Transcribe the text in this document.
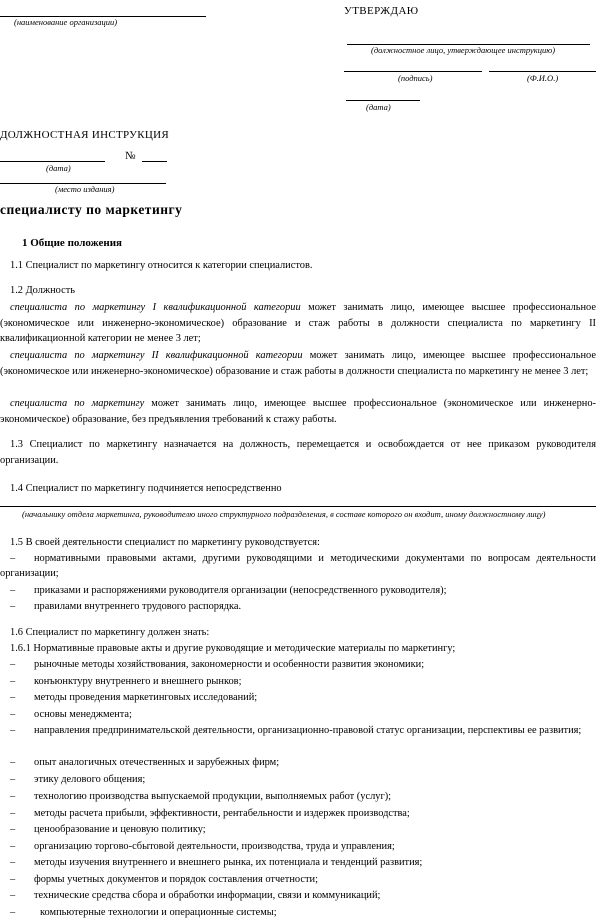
(наименование организации)
УТВЕРЖДАЮ
(должностное лицо, утверждающее инструкцию)
(подпись)	(Ф.И.О.)
(дата)
ДОЛЖНОСТНАЯ ИНСТРУКЦИЯ
№
(дата)
(место издания)
специалисту по маркетингу
1 Общие положения
1.1 Специалист по маркетингу относится к категории специалистов.
1.2 Должность
специалиста по маркетингу I квалификационной категории может занимать лицо, имеющее высшее профессиональное (экономическое или инженерно-экономическое) образование и стаж работы в должности специалиста по маркетингу II квалификационной категории не менее 3 лет;
специалиста по маркетингу II квалификационной категории может занимать лицо, имеющее высшее профессиональное (экономическое или инженерно-экономическое) образование и стаж работы в должности специалиста по маркетингу не менее 3 лет;
специалиста по маркетингу может занимать лицо, имеющее высшее профессиональное (экономическое или инженерно-экономическое) образование, без предъявления требований к стажу работы.
1.3 Специалист по маркетингу назначается на должность, перемещается и освобождается от нее приказом руководителя организации.
1.4 Специалист по маркетингу подчиняется непосредственно
(начальнику отдела маркетинга, руководителю иного структурного подразделения, в составе которого он входит, иному должностному лицу)
1.5 В своей деятельности специалист по маркетингу руководствуется:
–	нормативными правовыми актами, другими руководящими и методическими документами по вопросам деятельности организации;
– приказами и распоряжениями руководителя организации (непосредственного руководителя);
– правилами внутреннего трудового распорядка.
1.6 Специалист по маркетингу должен знать:
1.6.1 Нормативные правовые акты и другие руководящие и методические материалы по маркетингу;
– рыночные методы хозяйствования, закономерности и особенности развития экономики;
– конъюнктуру внутреннего и внешнего рынков;
– методы проведения маркетинговых исследований;
– основы менеджмента;
–	направления предпринимательской деятельности, организационно-правовой статус организации, перспективы ее развития;
– опыт аналогичных отечественных и зарубежных фирм;
– этику делового общения;
– технологию производства выпускаемой продукции, выполняемых работ (услуг);
– методы расчета прибыли, эффективности, рентабельности и издержек производства;
– ценообразование и ценовую политику;
– организацию торгово-сбытовой деятельности, производства, труда и управления;
– методы изучения внутреннего и внешнего рынка, их потенциала и тенденций развития;
– формы учетных документов и порядок составления отчетности;
– технические средства сбора и обработки информации, связи и коммуникаций;
– компьютерные технологии и операционные системы;
